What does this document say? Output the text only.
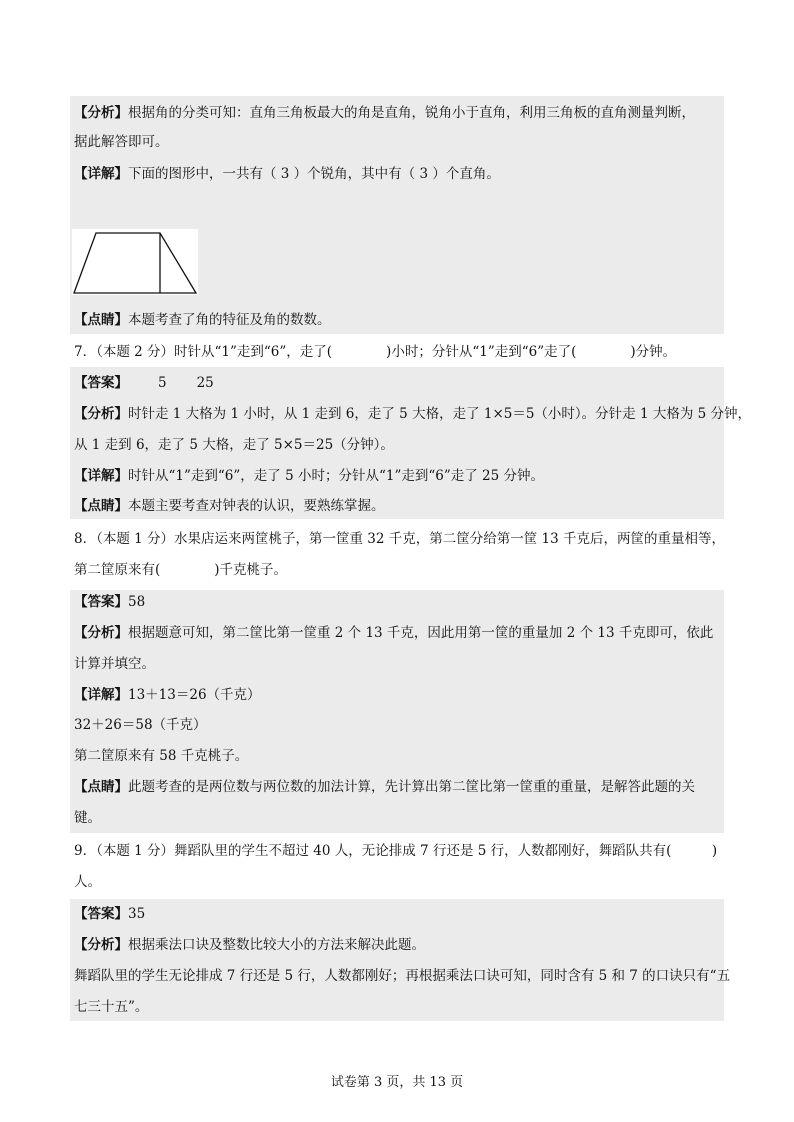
【分析】根据角的分类可知：直角三角板最大的角是直角，锐角小于直角，利用三角板的直角测量判断，
据此解答即可。
【详解】下面的图形中，一共有（ 3 ）个锐角，其中有（ 3 ）个直角。
【点睛】本题考查了角的特征及角的数数。
7．（本题 2 分）时针从“1”走到“6”，走了(　　　　)小时；分针从“1”走到“6”走了(　　　　)分钟。
【答案】 5 25
【分析】时针走 1 大格为 1 小时，从 1 走到 6，走了 5 大格，走了 1×5＝5（小时）。分针走 1 大格为 5 分钟，
从 1 走到 6，走了 5 大格，走了 5×5＝25（分钟）。
【详解】时针从“1”走到“6”，走了 5 小时；分针从“1”走到“6”走了 25 分钟。
【点睛】本题主要考查对钟表的认识，要熟练掌握。
8．（本题 1 分）水果店运来两筐桃子，第一筐重 32 千克，第二筐分给第一筐 13 千克后，两筐的重量相等，
第二筐原来有(　　　　)千克桃子。
【答案】58
【分析】根据题意可知，第二筐比第一筐重 2 个 13 千克，因此用第一筐的重量加 2 个 13 千克即可，依此
计算并填空。
【详解】13＋13＝26（千克）
32＋26＝58（千克）
第二筐原来有 58 千克桃子。
【点睛】此题考查的是两位数与两位数的加法计算，先计算出第二筐比第一筐重的重量，是解答此题的关
键。
9．（本题 1 分）舞蹈队里的学生不超过 40 人，无论排成 7 行还是 5 行，人数都刚好，舞蹈队共有(　　　)
人。
【答案】35
【分析】根据乘法口诀及整数比较大小的方法来解决此题。
舞蹈队里的学生无论排成 7 行还是 5 行，人数都刚好；再根据乘法口诀可知，同时含有 5 和 7 的口诀只有“五
七三十五”。
试卷第 3 页，共 13 页
